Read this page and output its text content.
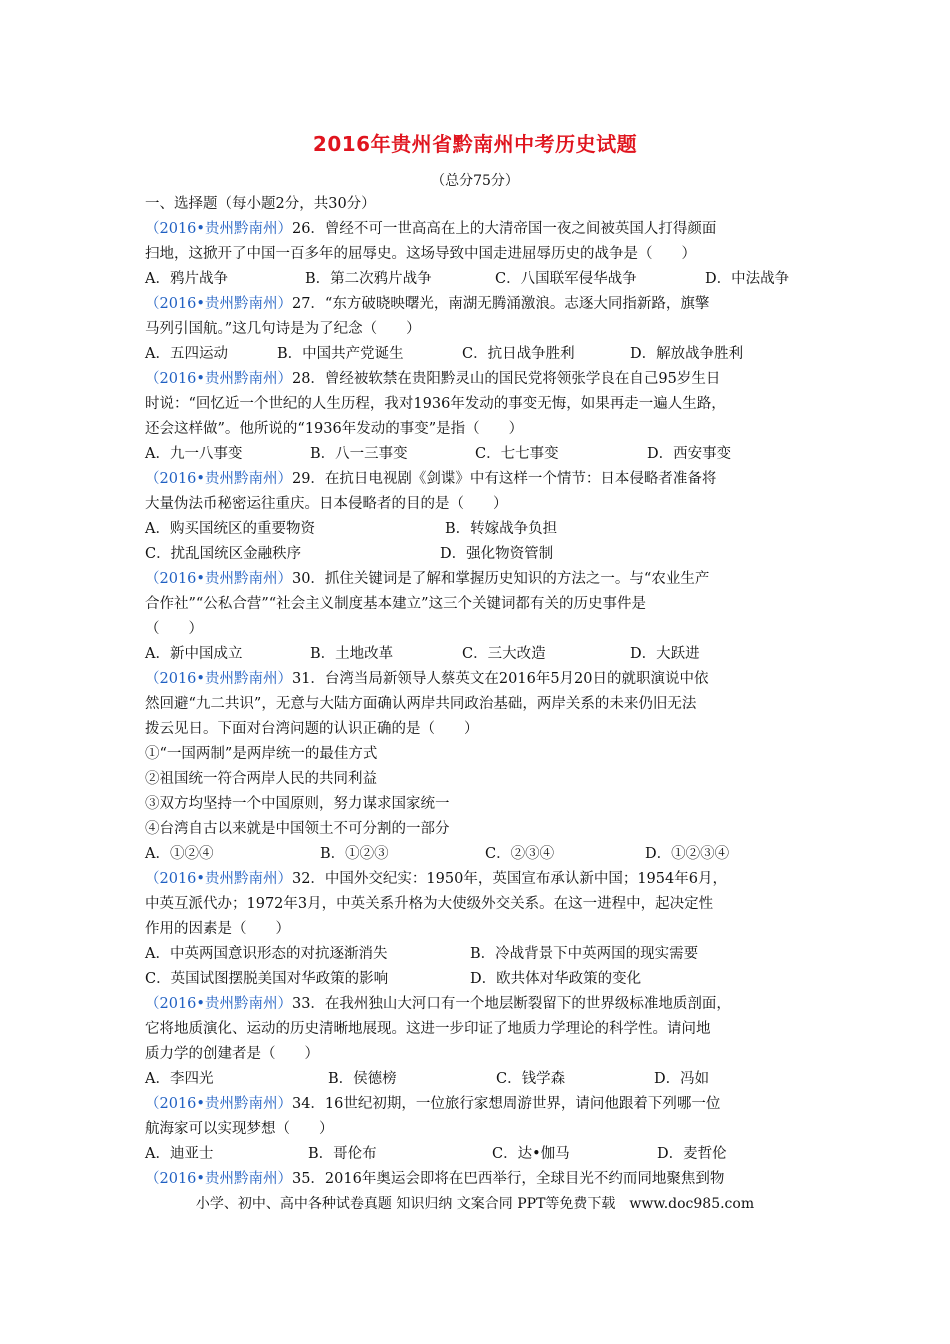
2016年贵州省黔南州中考历史试题
（总分75分）
一、选择题（每小题2分，共30分）
（2016•贵州黔南州）26．曾经不可一世高高在上的大清帝国一夜之间被英国人打得颜面
扫地，这掀开了中国一百多年的屈辱史。这场导致中国走进屈辱历史的战争是（　　）
A．鸦片战争	B．第二次鸦片战争	C．八国联军侵华战争	D．中法战争
（2016•贵州黔南州）27．“东方破晓映曙光，南湖无腾涌激浪。志逐大同指新路，旗擎
马列引国航。”这几句诗是为了纪念（　　）
A．五四运动	B．中国共产党诞生	C．抗日战争胜利	D．解放战争胜利
（2016•贵州黔南州）28．曾经被软禁在贵阳黔灵山的国民党将领张学良在自己95岁生日
时说：“回忆近一个世纪的人生历程，我对1936年发动的事变无悔，如果再走一遍人生路，
还会这样做”。他所说的“1936年发动的事变”是指（　　）
A．九一八事变	B．八一三事变	C．七七事变	D．西安事变
（2016•贵州黔南州）29．在抗日电视剧《剑谍》中有这样一个情节：日本侵略者准备将
大量伪法币秘密运往重庆。日本侵略者的目的是（　　）
A．购买国统区的重要物资	B．转嫁战争负担
C．扰乱国统区金融秩序	D．强化物资管制
（2016•贵州黔南州）30．抓住关键词是了解和掌握历史知识的方法之一。与“农业生产
合作社”“公私合营”“社会主义制度基本建立”这三个关键词都有关的历史事件是
（　　）
A．新中国成立	B．土地改革	C．三大改造	D．大跃进
（2016•贵州黔南州）31．台湾当局新领导人蔡英文在2016年5月20日的就职演说中依
然回避“九二共识”，无意与大陆方面确认两岸共同政治基础，两岸关系的未来仍旧无法
拨云见日。下面对台湾问题的认识正确的是（　　）
①“一国两制”是两岸统一的最佳方式
②祖国统一符合两岸人民的共同利益
③双方均坚持一个中国原则，努力谋求国家统一
④台湾自古以来就是中国领土不可分割的一部分
A．①②④	B．①②③	C．②③④	D．①②③④
（2016•贵州黔南州）32．中国外交纪实：1950年，英国宣布承认新中国；1954年6月，
中英互派代办；1972年3月，中英关系升格为大使级外交关系。在这一进程中，起决定性
作用的因素是（　　）
A．中英两国意识形态的对抗逐渐消失	B．冷战背景下中英两国的现实需要
C．英国试图摆脱美国对华政策的影响	D．欧共体对华政策的变化
（2016•贵州黔南州）33．在我州独山大河口有一个地层断裂留下的世界级标准地质剖面，
它将地质演化、运动的历史清晰地展现。这进一步印证了地质力学理论的科学性。请问地
质力学的创建者是（　　）
A．李四光	B．侯德榜	C．钱学森	D．冯如
（2016•贵州黔南州）34．16世纪初期，一位旅行家想周游世界，请问他跟着下列哪一位
航海家可以实现梦想（　　）
A．迪亚士	B．哥伦布	C．达•伽马	D．麦哲伦
（2016•贵州黔南州）35．2016年奥运会即将在巴西举行，全球目光不约而同地聚焦到物
小学、初中、高中各种试卷真题 知识归纳 文案合同 PPT等免费下载　www.doc985.com
